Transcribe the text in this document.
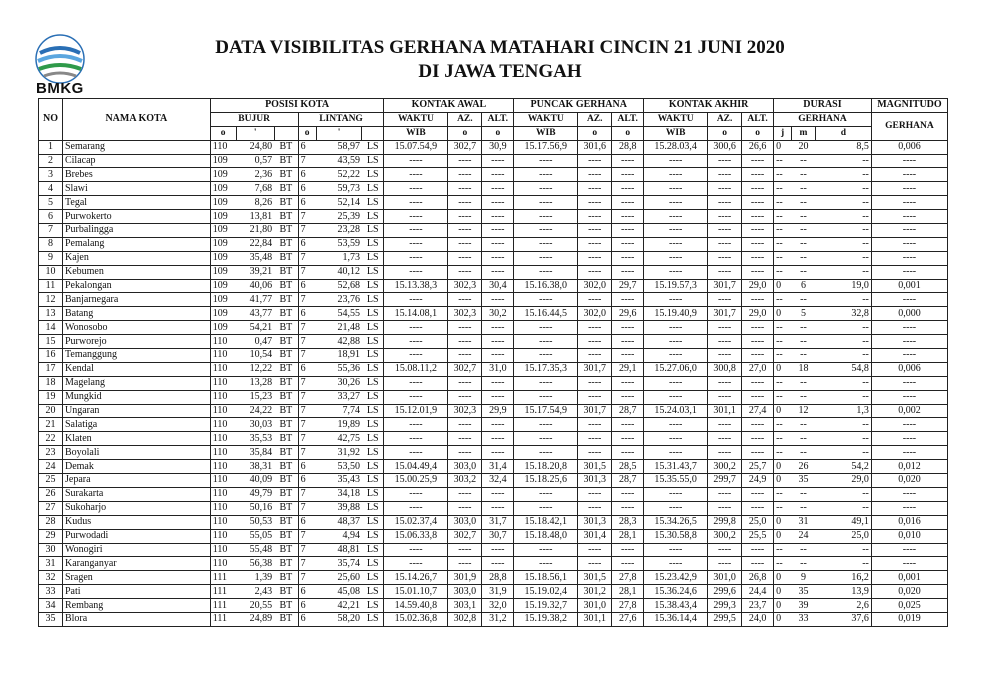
BMKG
DATA VISIBILITAS GERHANA MATAHARI CINCIN 21 JUNI 2020
DI JAWA TENGAH
NO	NAMA KOTA	POSISI KOTA						KONTAK AWAL			PUNCAK GERHANA			KONTAK AKHIR			DURASI			MAGNITUDO
		BUJUR			LINTANG			WAKTU	AZ.	ALT.	WAKTU	AZ.	ALT.	WAKTU	AZ.	ALT.	GERHANA			GERHANA
		o	'		o	'		WIB	o	o	WIB	o	o	WIB	o	o	j	m	d	
1	Semarang	110	24,80	BT	6	58,97	LS	15.07.54,9	302,7	30,9	15.17.56,9	301,6	28,8	15.28.03,4	300,6	26,6	0	20	8,5	0,006
2	Cilacap	109	0,57	BT	7	43,59	LS	----	----	----	----	----	----	----	----	----	--	--	--	----
3	Brebes	109	2,36	BT	6	52,22	LS	----	----	----	----	----	----	----	----	----	--	--	--	----
4	Slawi	109	7,68	BT	6	59,73	LS	----	----	----	----	----	----	----	----	----	--	--	--	----
5	Tegal	109	8,26	BT	6	52,14	LS	----	----	----	----	----	----	----	----	----	--	--	--	----
6	Purwokerto	109	13,81	BT	7	25,39	LS	----	----	----	----	----	----	----	----	----	--	--	--	----
7	Purbalingga	109	21,80	BT	7	23,28	LS	----	----	----	----	----	----	----	----	----	--	--	--	----
8	Pemalang	109	22,84	BT	6	53,59	LS	----	----	----	----	----	----	----	----	----	--	--	--	----
9	Kajen	109	35,48	BT	7	1,73	LS	----	----	----	----	----	----	----	----	----	--	--	--	----
10	Kebumen	109	39,21	BT	7	40,12	LS	----	----	----	----	----	----	----	----	----	--	--	--	----
11	Pekalongan	109	40,06	BT	6	52,68	LS	15.13.38,3	302,3	30,4	15.16.38,0	302,0	29,7	15.19.57,3	301,7	29,0	0	6	19,0	0,001
12	Banjarnegara	109	41,77	BT	7	23,76	LS	----	----	----	----	----	----	----	----	----	--	--	--	----
13	Batang	109	43,77	BT	6	54,55	LS	15.14.08,1	302,3	30,2	15.16.44,5	302,0	29,6	15.19.40,9	301,7	29,0	0	5	32,8	0,000
14	Wonosobo	109	54,21	BT	7	21,48	LS	----	----	----	----	----	----	----	----	----	--	--	--	----
15	Purworejo	110	0,47	BT	7	42,88	LS	----	----	----	----	----	----	----	----	----	--	--	--	----
16	Temanggung	110	10,54	BT	7	18,91	LS	----	----	----	----	----	----	----	----	----	--	--	--	----
17	Kendal	110	12,22	BT	6	55,36	LS	15.08.11,2	302,7	31,0	15.17.35,3	301,7	29,1	15.27.06,0	300,8	27,0	0	18	54,8	0,006
18	Magelang	110	13,28	BT	7	30,26	LS	----	----	----	----	----	----	----	----	----	--	--	--	----
19	Mungkid	110	15,23	BT	7	33,27	LS	----	----	----	----	----	----	----	----	----	--	--	--	----
20	Ungaran	110	24,22	BT	7	7,74	LS	15.12.01,9	302,3	29,9	15.17.54,9	301,7	28,7	15.24.03,1	301,1	27,4	0	12	1,3	0,002
21	Salatiga	110	30,03	BT	7	19,89	LS	----	----	----	----	----	----	----	----	----	--	--	--	----
22	Klaten	110	35,53	BT	7	42,75	LS	----	----	----	----	----	----	----	----	----	--	--	--	----
23	Boyolali	110	35,84	BT	7	31,92	LS	----	----	----	----	----	----	----	----	----	--	--	--	----
24	Demak	110	38,31	BT	6	53,50	LS	15.04.49,4	303,0	31,4	15.18.20,8	301,5	28,5	15.31.43,7	300,2	25,7	0	26	54,2	0,012
25	Jepara	110	40,09	BT	6	35,43	LS	15.00.25,9	303,2	32,4	15.18.25,6	301,3	28,7	15.35.55,0	299,7	24,9	0	35	29,0	0,020
26	Surakarta	110	49,79	BT	7	34,18	LS	----	----	----	----	----	----	----	----	----	--	--	--	----
27	Sukoharjo	110	50,16	BT	7	39,88	LS	----	----	----	----	----	----	----	----	----	--	--	--	----
28	Kudus	110	50,53	BT	6	48,37	LS	15.02.37,4	303,0	31,7	15.18.42,1	301,3	28,3	15.34.26,5	299,8	25,0	0	31	49,1	0,016
29	Purwodadi	110	55,05	BT	7	4,94	LS	15.06.33,8	302,7	30,7	15.18.48,0	301,4	28,1	15.30.58,8	300,2	25,5	0	24	25,0	0,010
30	Wonogiri	110	55,48	BT	7	48,81	LS	----	----	----	----	----	----	----	----	----	--	--	--	----
31	Karanganyar	110	56,38	BT	7	35,74	LS	----	----	----	----	----	----	----	----	----	--	--	--	----
32	Sragen	111	1,39	BT	7	25,60	LS	15.14.26,7	301,9	28,8	15.18.56,1	301,5	27,8	15.23.42,9	301,0	26,8	0	9	16,2	0,001
33	Pati	111	2,43	BT	6	45,08	LS	15.01.10,7	303,0	31,9	15.19.02,4	301,2	28,1	15.36.24,6	299,6	24,4	0	35	13,9	0,020
34	Rembang	111	20,55	BT	6	42,21	LS	14.59.40,8	303,1	32,0	15.19.32,7	301,0	27,8	15.38.43,4	299,3	23,7	0	39	2,6	0,025
35	Blora	111	24,89	BT	6	58,20	LS	15.02.36,8	302,8	31,2	15.19.38,2	301,1	27,6	15.36.14,4	299,5	24,0	0	33	37,6	0,019
